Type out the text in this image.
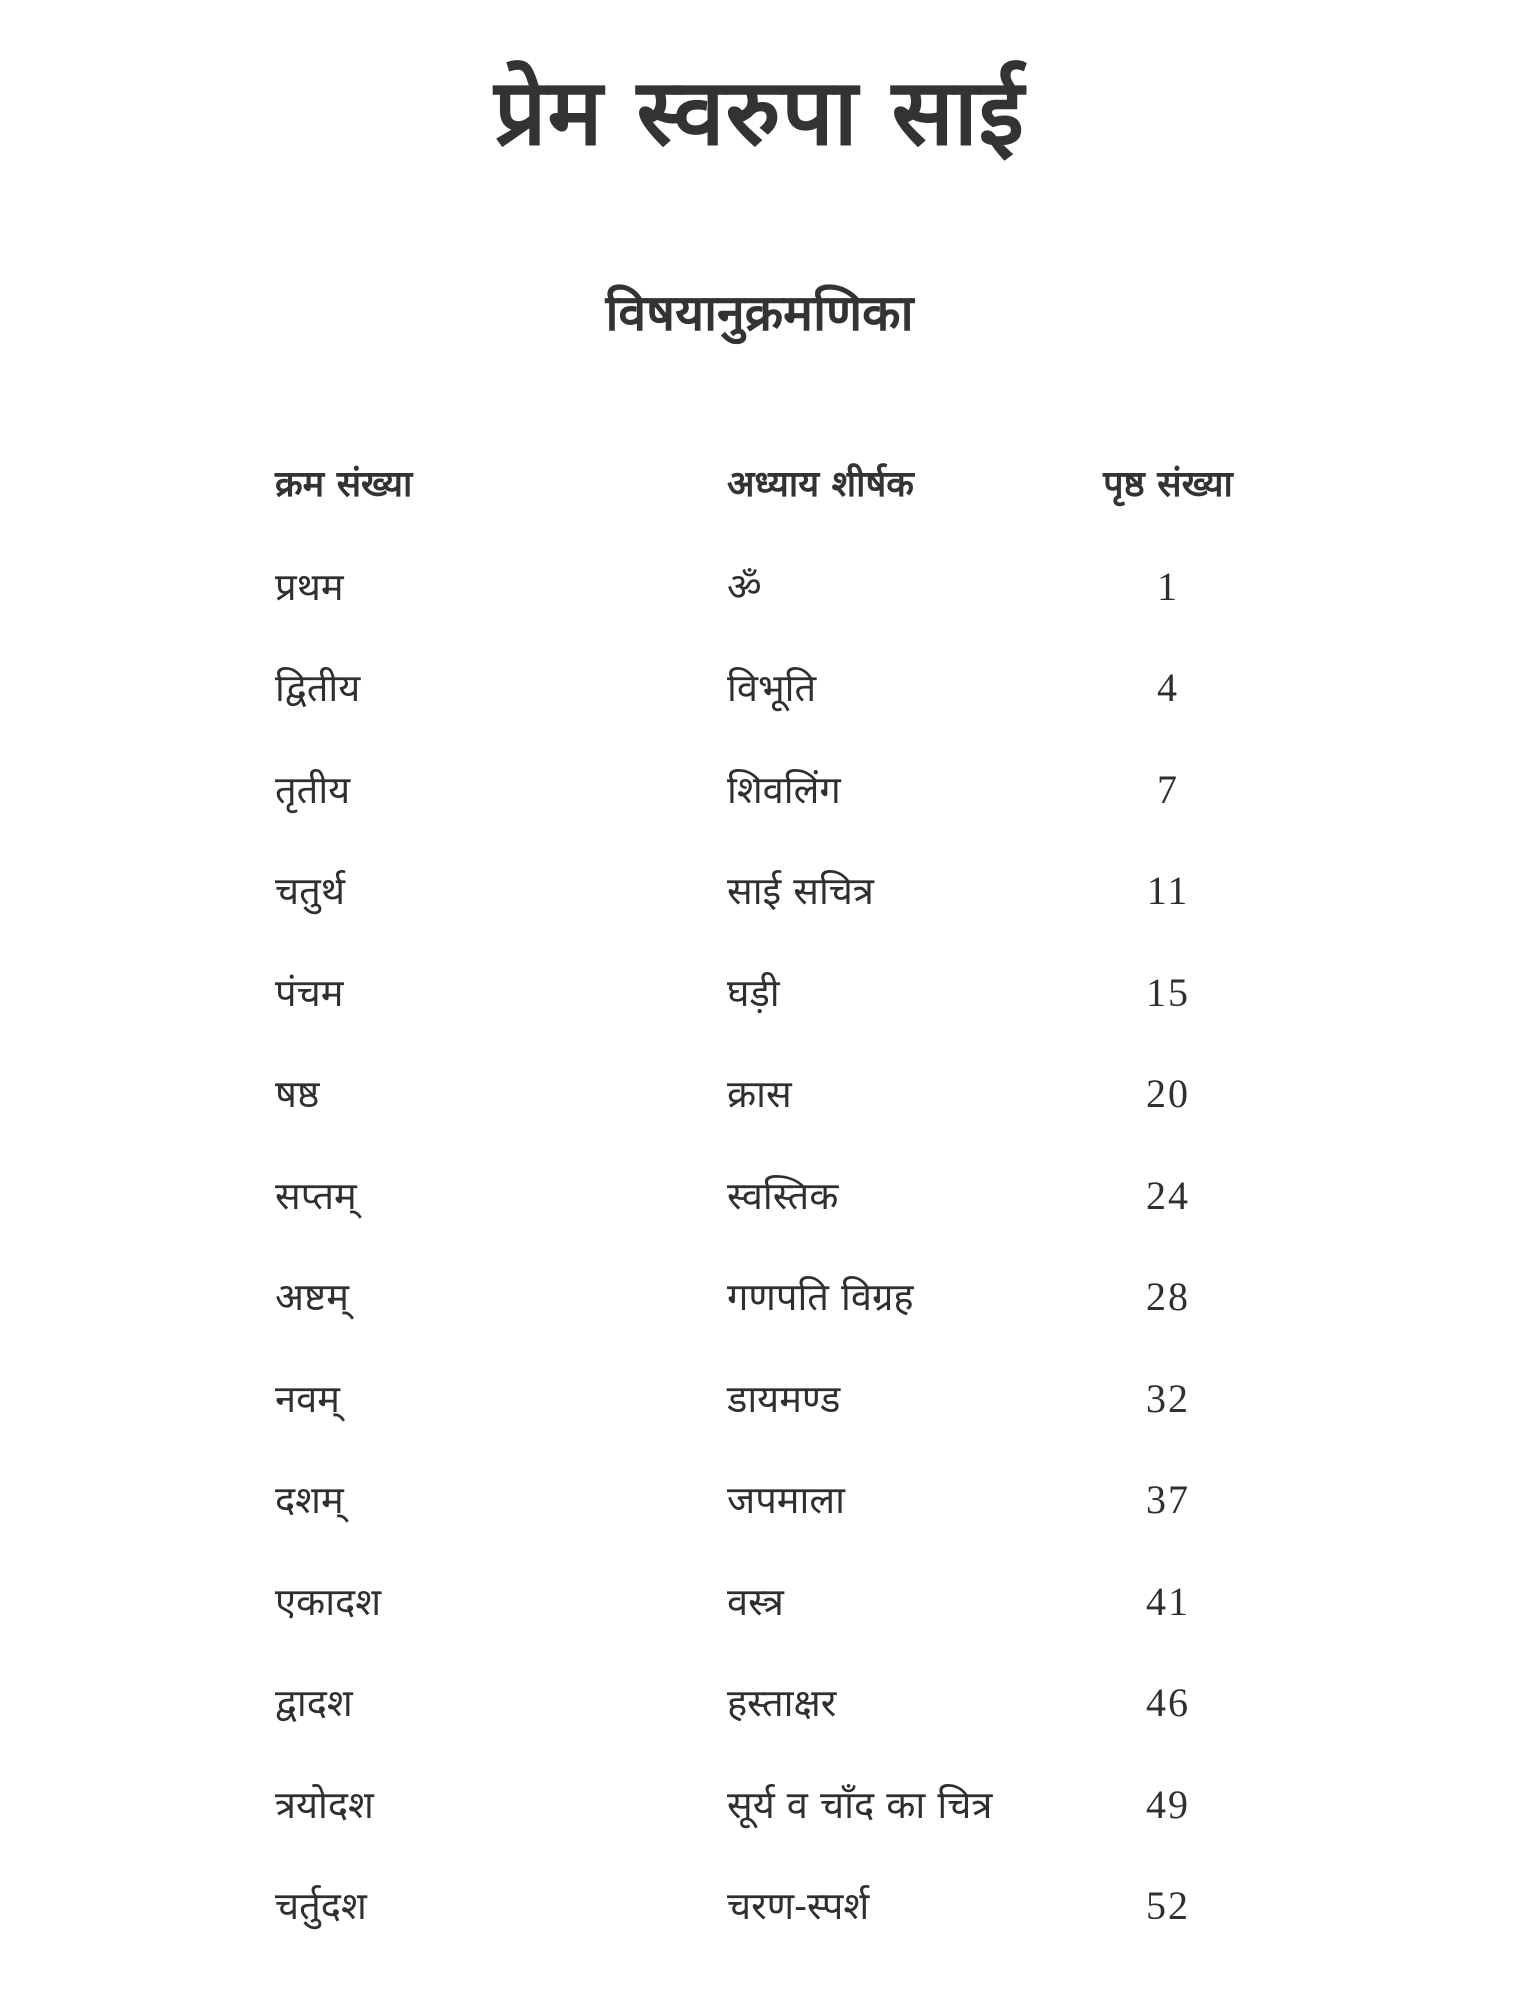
प्रेम स्वरुपा साई
विषयानुक्रमणिका
क्रम संख्या	अध्याय शीर्षक	पृष्ठ संख्या
प्रथम	ॐ	1
द्वितीय	विभूति	4
तृतीय	शिवलिंग	7
चतुर्थ	साई सचित्र	11
पंचम	घड़ी	15
षष्ठ	क्रास	20
सप्तम्	स्वस्तिक	24
अष्टम्	गणपति विग्रह	28
नवम्	डायमण्ड	32
दशम्	जपमाला	37
एकादश	वस्त्र	41
द्वादश	हस्ताक्षर	46
त्रयोदश	सूर्य व चाँद का चित्र	49
चर्तुदश	चरण-स्पर्श	52
